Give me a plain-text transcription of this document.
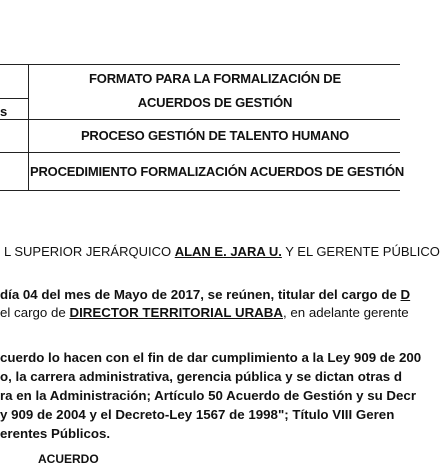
s
FORMATO PARA LA FORMALIZACIÓN DE
ACUERDOS DE GESTIÓN
PROCESO GESTIÓN DE TALENTO HUMANO
PROCEDIMIENTO FORMALIZACIÓN ACUERDOS DE GESTIÓN
L SUPERIOR JERÁRQUICO ALAN E. JARA U. Y EL GERENTE PÚBLICO
día 04 del mes de Mayo de 2017, se reúnen, titular del cargo de D
el cargo de DIRECTOR TERRITORIAL URABA, en adelante gerente
cuerdo lo hacen con el fin de dar cumplimiento a la Ley 909 de 200
o, la carrera administrativa, gerencia pública y se dictan otras d
ra en la Administración; Artículo 50 Acuerdo de Gestión y su Decr
y 909 de 2004 y el Decreto-Ley 1567 de 1998"; Título VIII Geren
erentes Públicos.
ACUERDO
